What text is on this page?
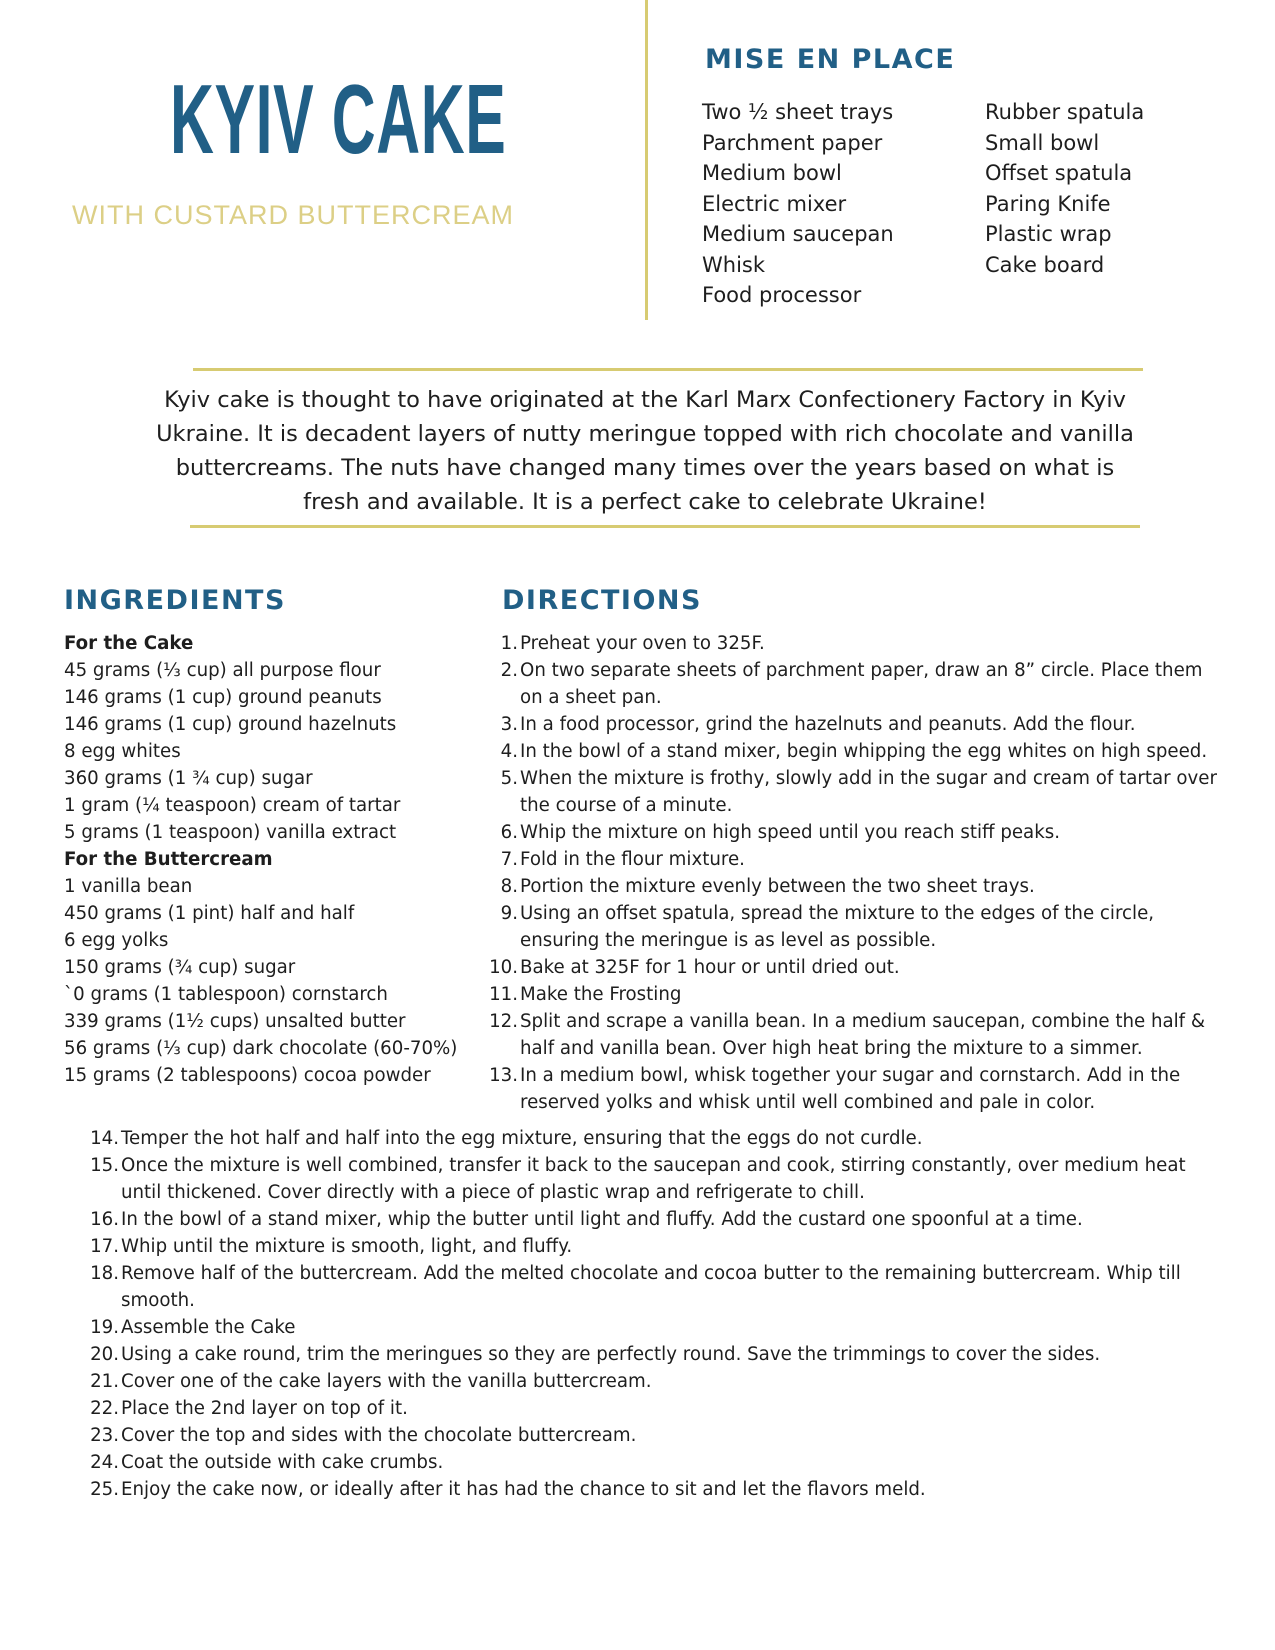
KYIV CAKE
WITH CUSTARD BUTTERCREAM
MISE EN PLACE
Two ½ sheet trays
Parchment paper
Medium bowl
Electric mixer
Medium saucepan
Whisk
Food processor
Rubber spatula
Small bowl
Offset spatula
Paring Knife
Plastic wrap
Cake board

Kyiv cake is thought to have originated at the Karl Marx Confectionery Factory in Kyiv Ukraine. It is decadent layers of nutty meringue topped with rich chocolate and vanilla buttercreams. The nuts have changed many times over the years based on what is fresh and available. It is a perfect cake to celebrate Ukraine!

INGREDIENTS
For the Cake
45 grams (⅓ cup) all purpose flour
146 grams (1 cup) ground peanuts
146 grams (1 cup) ground hazelnuts
8 egg whites
360 grams (1 ¾ cup) sugar
1 gram (¼ teaspoon) cream of tartar
5 grams (1 teaspoon) vanilla extract
For the Buttercream
1 vanilla bean
450 grams (1 pint) half and half
6 egg yolks
150 grams (¾ cup) sugar
`0 grams (1 tablespoon) cornstarch
339 grams (1½ cups) unsalted butter
56 grams (⅓ cup) dark chocolate (60-70%)
15 grams (2 tablespoons) cocoa powder
DIRECTIONS
1. Preheat your oven to 325F.
2. On two separate sheets of parchment paper, draw an 8” circle. Place them on a sheet pan.
3. In a food processor, grind the hazelnuts and peanuts. Add the flour.
4. In the bowl of a stand mixer, begin whipping the egg whites on high speed.
5. When the mixture is frothy, slowly add in the sugar and cream of tartar over the course of a minute.
6. Whip the mixture on high speed until you reach stiff peaks.
7. Fold in the flour mixture.
8. Portion the mixture evenly between the two sheet trays.
9. Using an offset spatula, spread the mixture to the edges of the circle, ensuring the meringue is as level as possible.
10. Bake at 325F for 1 hour or until dried out.
11. Make the Frosting
12. Split and scrape a vanilla bean. In a medium saucepan, combine the half & half and vanilla bean. Over high heat bring the mixture to a simmer.
13. In a medium bowl, whisk together your sugar and cornstarch. Add in the reserved yolks and whisk until well combined and pale in color.
14. Temper the hot half and half into the egg mixture, ensuring that the eggs do not curdle.
15. Once the mixture is well combined, transfer it back to the saucepan and cook, stirring constantly, over medium heat until thickened. Cover directly with a piece of plastic wrap and refrigerate to chill.
16. In the bowl of a stand mixer, whip the butter until light and fluffy. Add the custard one spoonful at a time.
17. Whip until the mixture is smooth, light, and fluffy.
18. Remove half of the buttercream. Add the melted chocolate and cocoa butter to the remaining buttercream. Whip till smooth.
19. Assemble the Cake
20. Using a cake round, trim the meringues so they are perfectly round. Save the trimmings to cover the sides.
21. Cover one of the cake layers with the vanilla buttercream.
22. Place the 2nd layer on top of it.
23. Cover the top and sides with the chocolate buttercream.
24. Coat the outside with cake crumbs.
25. Enjoy the cake now, or ideally after it has had the chance to sit and let the flavors meld.
